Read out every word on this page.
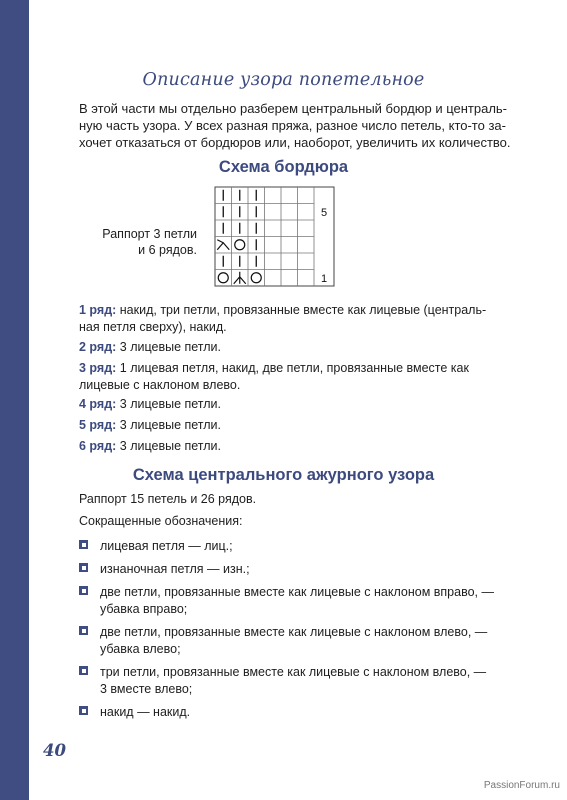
Описание узора попетельное
В этой части мы отдельно разберем центральный бордюр и централь-
ную часть узора. У всех разная пряжа, разное число петель, кто-то за-
хочет отказаться от бордюров или, наоборот, увеличить их количество.
Схема бордюра
Раппорт 3 петли
и 6 рядов.
5
1
1 ряд: накид, три петли, провязанные вместе как лицевые (централь-
ная петля сверху), накид.
2 ряд: 3 лицевые петли.
3 ряд: 1 лицевая петля, накид, две петли, провязанные вместе как
лицевые с наклоном влево.
4 ряд: 3 лицевые петли.
5 ряд: 3 лицевые петли.
6 ряд: 3 лицевые петли.
Схема центрального ажурного узора
Раппорт 15 петель и 26 рядов.
Сокращенные обозначения:
лицевая петля — лиц.;
изнаночная петля — изн.;
две петли, провязанные вместе как лицевые с наклоном вправо, —
убавка вправо;
две петли, провязанные вместе как лицевые с наклоном влево, —
убавка влево;
три петли, провязанные вместе как лицевые с наклоном влево, —
3 вместе влево;
накид — накид.
40
PassionForum.ru
